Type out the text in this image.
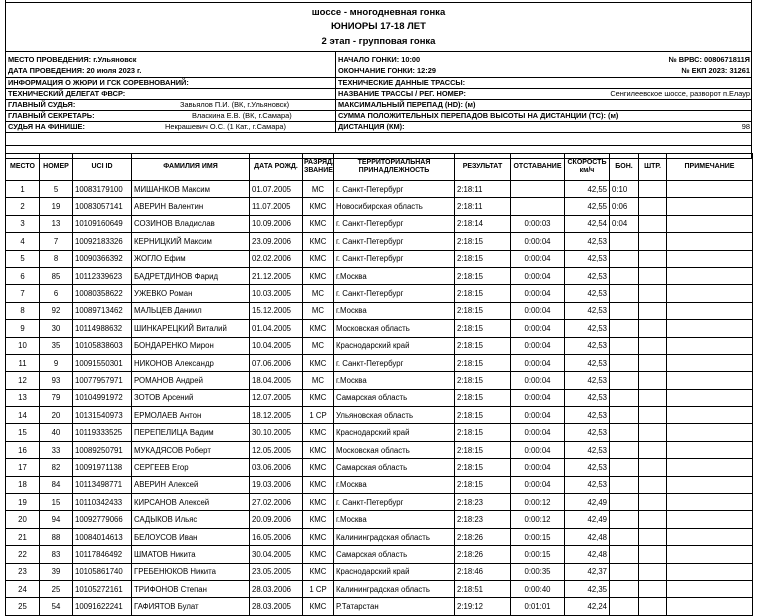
шоссе - многодневная гонка
ЮНИОРЫ 17-18 ЛЕТ
2 этап - групповая гонка
МЕСТО ПРОВЕДЕНИЯ: г.Ульяновск
ДАТА ПРОВЕДЕНИЯ: 20 июля 2023 г.
НАЧАЛО ГОНКИ: 10:00
ОКОНЧАНИЕ ГОНКИ: 12:29
№ ВРВС: 0080671811Я
№ ЕКП 2023: 31261
ИНФОРМАЦИЯ О ЖЮРИ И ГСК СОРЕВНОВАНИЙ:	ТЕХНИЧЕСКИЕ ДАННЫЕ ТРАССЫ:
ТЕХНИЧЕСКИЙ ДЕЛЕГАТ ФВСР:	НАЗВАНИЕ ТРАССЫ / РЕГ. НОМЕР:	Сенгилеевское шоссе, разворот п.Елаур
ГЛАВНЫЙ СУДЬЯ:	Завьялов П.И. (ВК, г.Ульяновск)	МАКСИМАЛЬНЫЙ ПЕРЕПАД (HD): (м)
ГЛАВНЫЙ СЕКРЕТАРЬ:	Власкина Е.В. (ВК, г.Самара)	СУММА ПОЛОЖИТЕЛЬНЫХ ПЕРЕПАДОВ ВЫСОТЫ НА ДИСТАНЦИИ (ТС): (м)
СУДЬЯ НА ФИНИШЕ:	Некрашевич О.С. (1 Кат., г.Самара)	ДИСТАНЦИЯ (КМ):	98
МЕСТО	НОМЕР	UCI ID	ФАМИЛИЯ ИМЯ	ДАТА РОЖД.	РАЗРЯД, ЗВАНИЕ	ТЕРРИТОРИАЛЬНАЯ ПРИНАДЛЕЖНОСТЬ	РЕЗУЛЬТАТ	ОТСТАВАНИЕ	СКОРОСТЬ км/ч	БОН.	ШТР.	ПРИМЕЧАНИЕ
1	5	10083179100	МИШАНКОВ Максим	01.07.2005	МС	г. Санкт-Петербург	2:18:11		42,55	0:10		
2	19	10083057141	АВЕРИН Валентин	11.07.2005	КМС	Новосибирская область	2:18:11		42,55	0:06		
3	13	10109160649	СОЗИНОВ Владислав	10.09.2006	КМС	г. Санкт-Петербург	2:18:14	0:00:03	42,54	0:04		
4	7	10092183326	КЕРНИЦКИЙ Максим	23.09.2006	КМС	г. Санкт-Петербург	2:18:15	0:00:04	42,53			
5	8	10090366392	ЖОГЛО Ефим	02.02.2006	КМС	г. Санкт-Петербург	2:18:15	0:00:04	42,53			
6	85	10112339623	БАДРЕТДИНОВ Фарид	21.12.2005	КМС	г.Москва	2:18:15	0:00:04	42,53			
7	6	10080358622	УЖЕВКО Роман	10.03.2005	МС	г. Санкт-Петербург	2:18:15	0:00:04	42,53			
8	92	10089713462	МАЛЬЦЕВ Даниил	15.12.2005	МС	г.Москва	2:18:15	0:00:04	42,53			
9	30	10114988632	ШИНКАРЕЦКИЙ Виталий	01.04.2005	КМС	Московская область	2:18:15	0:00:04	42,53			
10	35	10105838603	БОНДАРЕНКО Мирон	10.04.2005	МС	Краснодарский край	2:18:15	0:00:04	42,53			
11	9	10091550301	НИКОНОВ Александр	07.06.2006	КМС	г. Санкт-Петербург	2:18:15	0:00:04	42,53			
12	93	10077957971	РОМАНОВ Андрей	18.04.2005	МС	г.Москва	2:18:15	0:00:04	42,53			
13	79	10104991972	ЗОТОВ Арсений	12.07.2005	КМС	Самарская область	2:18:15	0:00:04	42,53			
14	20	10131540973	ЕРМОЛАЕВ Антон	18.12.2005	1 СР	Ульяновская область	2:18:15	0:00:04	42,53			
15	40	10119333525	ПЕРЕПЕЛИЦА Вадим	30.10.2005	КМС	Краснодарский край	2:18:15	0:00:04	42,53			
16	33	10089250791	МУКАДЯСОВ Роберт	12.05.2005	КМС	Московская область	2:18:15	0:00:04	42,53			
17	82	10091971138	СЕРГЕЕВ Егор	03.06.2006	КМС	Самарская область	2:18:15	0:00:04	42,53			
18	84	10113498771	АВЕРИН Алексей	19.03.2006	КМС	г.Москва	2:18:15	0:00:04	42,53			
19	15	10110342433	КИРСАНОВ Алексей	27.02.2006	КМС	г. Санкт-Петербург	2:18:23	0:00:12	42,49			
20	94	10092779066	САДЫКОВ Ильяс	20.09.2006	КМС	г.Москва	2:18:23	0:00:12	42,49			
21	88	10084014613	БЕЛОУСОВ Иван	16.05.2006	КМС	Калининградская область	2:18:26	0:00:15	42,48			
22	83	10117846492	ШМАТОВ Никита	30.04.2005	КМС	Самарская область	2:18:26	0:00:15	42,48			
23	39	10105861740	ГРЕБЕНЮКОВ Никита	23.05.2005	КМС	Краснодарский край	2:18:46	0:00:35	42,37			
24	25	10105272161	ТРИФОНОВ Степан	28.03.2006	1 СР	Калининградская область	2:18:51	0:00:40	42,35			
25	54	10091622241	ГАФИЯТОВ Булат	28.03.2005	КМС	Р.Татарстан	2:19:12	0:01:01	42,24			
